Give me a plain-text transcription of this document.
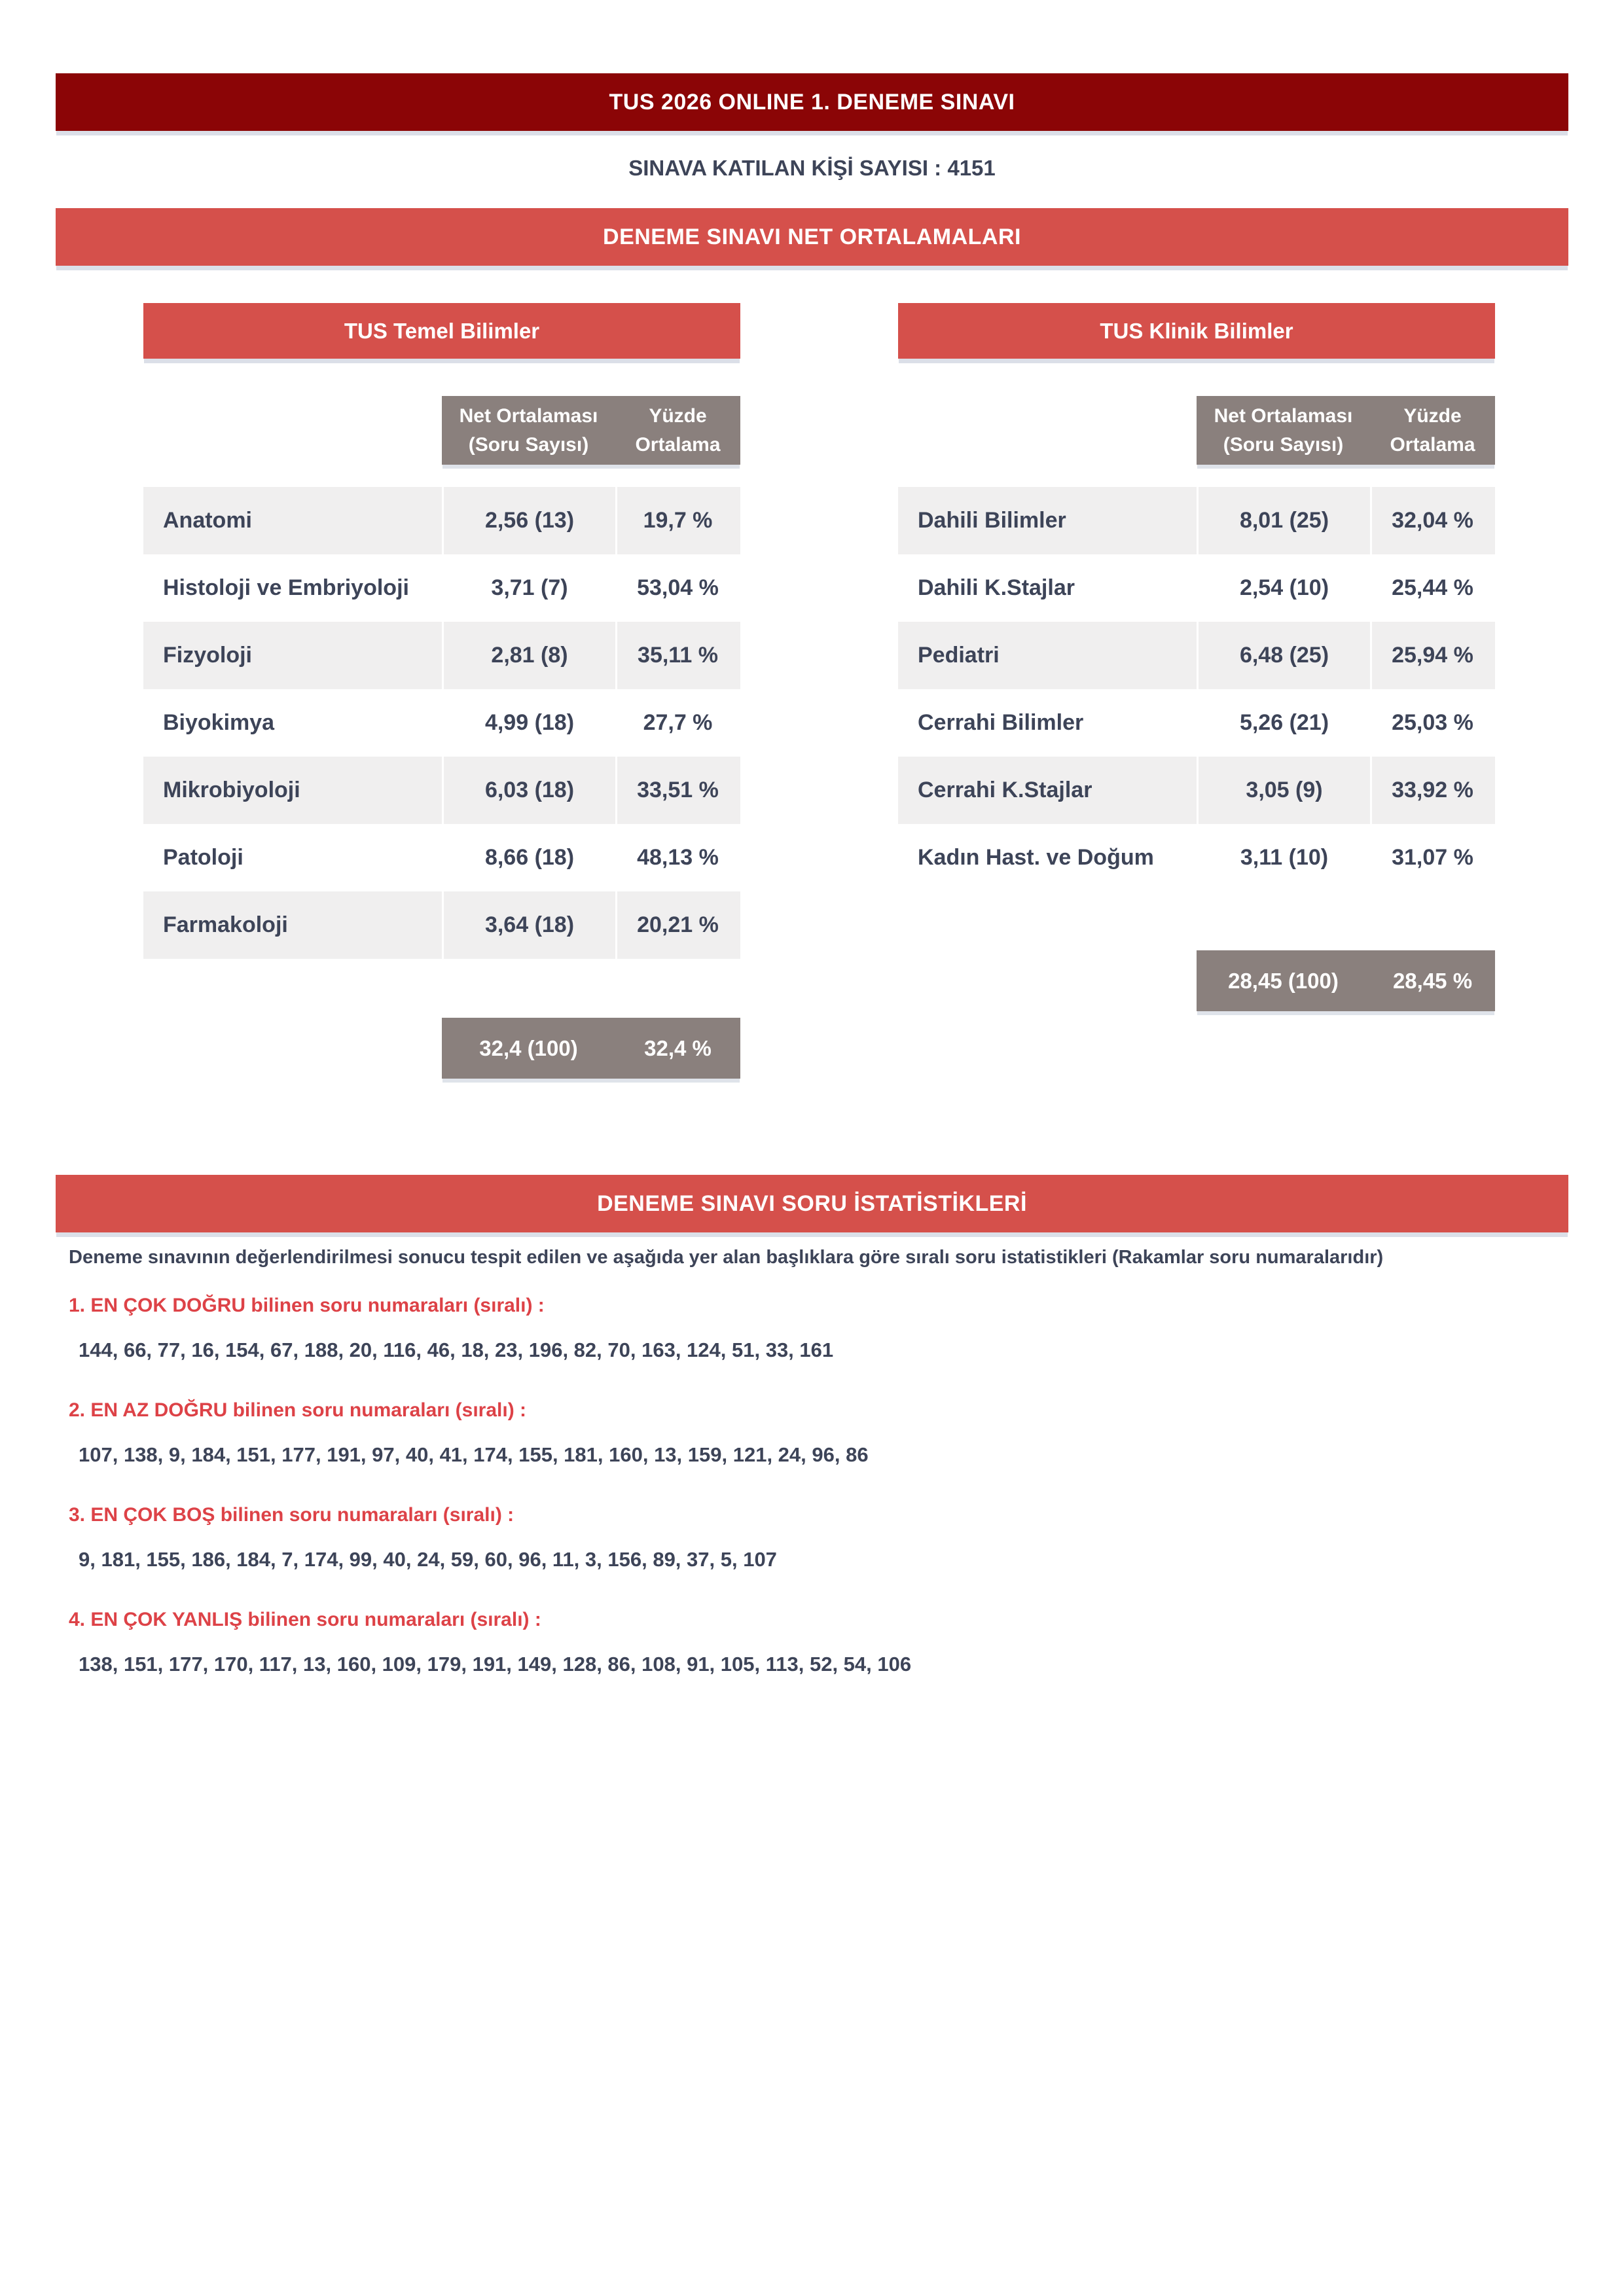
TUS 2026 ONLINE 1. DENEME SINAVI
SINAVA KATILAN KİŞİ SAYISI : 4151
DENEME SINAVI NET ORTALAMALARI
TUS Temel Bilimler
Net Ortalaması
(Soru Sayısı)
Yüzde
Ortalama
Anatomi	2,56 (13)	19,7 %
Histoloji ve Embriyoloji	3,71 (7)	53,04 %
Fizyoloji	2,81 (8)	35,11 %
Biyokimya	4,99 (18)	27,7 %
Mikrobiyoloji	6,03 (18)	33,51 %
Patoloji	8,66 (18)	48,13 %
Farmakoloji	3,64 (18)	20,21 %
32,4 (100)	32,4 %
TUS Klinik Bilimler
Net Ortalaması
(Soru Sayısı)
Yüzde
Ortalama
Dahili Bilimler	8,01 (25)	32,04 %
Dahili K.Stajlar	2,54 (10)	25,44 %
Pediatri	6,48 (25)	25,94 %
Cerrahi Bilimler	5,26 (21)	25,03 %
Cerrahi K.Stajlar	3,05 (9)	33,92 %
Kadın Hast. ve Doğum	3,11 (10)	31,07 %
28,45 (100)	28,45 %
DENEME SINAVI SORU İSTATİSTİKLERİ
Deneme sınavının değerlendirilmesi sonucu tespit edilen ve aşağıda yer alan başlıklara göre sıralı soru istatistikleri (Rakamlar soru numaralarıdır)
1. EN ÇOK DOĞRU bilinen soru numaraları (sıralı) :
144, 66, 77, 16, 154, 67, 188, 20, 116, 46, 18, 23, 196, 82, 70, 163, 124, 51, 33, 161
2. EN AZ DOĞRU bilinen soru numaraları (sıralı) :
107, 138, 9, 184, 151, 177, 191, 97, 40, 41, 174, 155, 181, 160, 13, 159, 121, 24, 96, 86
3. EN ÇOK BOŞ bilinen soru numaraları (sıralı) :
9, 181, 155, 186, 184, 7, 174, 99, 40, 24, 59, 60, 96, 11, 3, 156, 89, 37, 5, 107
4. EN ÇOK YANLIŞ bilinen soru numaraları (sıralı) :
138, 151, 177, 170, 117, 13, 160, 109, 179, 191, 149, 128, 86, 108, 91, 105, 113, 52, 54, 106
